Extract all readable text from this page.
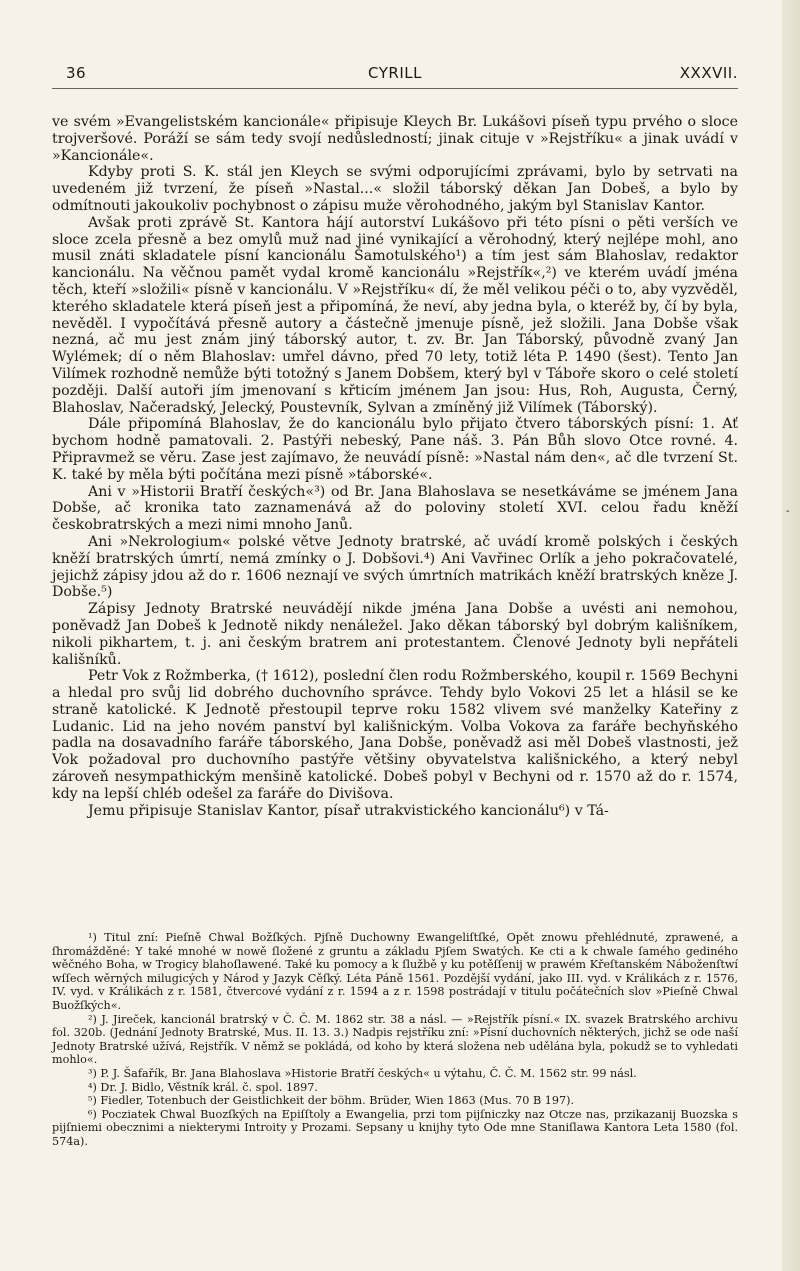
36	CYRILL	XXXVII.

ve svém »Evangelistském kancionále« připisuje Kleych Br. Lukášovi píseň typu prvého o sloce trojveršové. Poráží se sám tedy svojí nedůsledností; jinak cituje v »Rejstříku« a jinak uvádí v »Kancionále«.

Kdyby proti S. K. stál jen Kleych se svými odporujícími zprávami, bylo by setrvati na uvedeném již tvrzení, že píseň »Nastal...« složil táborský děkan Jan Dobeš, a bylo by odmítnouti jakoukoliv pochybnost o zápisu muže věrohodného, jakým byl Stanislav Kantor.

Avšak proti zprávě St. Kantora hájí autorství Lukášovo při této písni o pěti verších ve sloce zcela přesně a bez omylů muž nad jiné vynikající a věrohodný, který nejlépe mohl, ano musil znáti skladatele písní kancionálu Šamotulského¹) a tím jest sám Blahoslav, redaktor kancionálu. Na věčnou pamět vydal kromě kancionálu »Rejstřík«,²) ve kterém uvádí jména těch, kteří »složili« písně v kancionálu. V »Rejstříku« dí, že měl velikou péči o to, aby vyzvěděl, kterého skladatele která píseň jest a připomíná, že neví, aby jedna byla, o kteréž by, čí by byla, nevěděl. I vypočítává přesně autory a částečně jmenuje písně, jež složili. Jana Dobše však nezná, ač mu jest znám jiný táborský autor, t. zv. Br. Jan Táborský, původně zvaný Jan Wylémek; dí o něm Blahoslav: umřel dávno, před 70 lety, totiž léta P. 1490 (šest). Tento Jan Vilímek rozhodně nemůže býti totožný s Janem Dobšem, který byl v Táboře skoro o celé století později. Další autoři jím jmenovaní s křticím jménem Jan jsou: Hus, Roh, Augusta, Černý, Blahoslav, Načeradský, Jelecký, Poustevník, Sylvan a zmíněný již Vilímek (Táborský).

Dále připomíná Blahoslav, že do kancionálu bylo přijato čtvero táborských písní: 1. Ať bychom hodně pamatovali. 2. Pastýři nebeský, Pane náš. 3. Pán Bůh slovo Otce rovné. 4. Připravmež se věru. Zase jest zajímavo, že neuvádí písně: »Nastal nám den«, ač dle tvrzení St. K. také by měla býti počítána mezi písně »táborské«.

Ani v »Historii Bratří českých«³) od Br. Jana Blahoslava se nesetkáváme se jménem Jana Dobše, ač kronika tato zaznamenává až do poloviny století XVI. celou řadu kněží českobratrských a mezi nimi mnoho Janů.

Ani »Nekrologium« polské větve Jednoty bratrské, ač uvádí kromě polských i českých kněží bratrských úmrtí, nemá zmínky o J. Dobšovi.⁴) Ani Vavřinec Orlík a jeho pokračovatelé, jejichž zápisy jdou až do r. 1606 neznají ve svých úmrtních matrikách kněží bratrských kněze J. Dobše.⁵)

Zápisy Jednoty Bratrské neuvádějí nikde jména Jana Dobše a uvésti ani nemohou, poněvadž Jan Dobeš k Jednotě nikdy nenáležel. Jako děkan táborský byl dobrým kališníkem, nikoli pikhartem, t. j. ani českým bratrem ani protestantem. Členové Jednoty byli nepřáteli kališníků.

Petr Vok z Rožmberka, († 1612), poslední člen rodu Rožmberského, koupil r. 1569 Bechyni a hledal pro svůj lid dobrého duchovního správce. Tehdy bylo Vokovi 25 let a hlásil se ke straně katolické. K Jednotě přestoupil teprve roku 1582 vlivem své manželky Kateřiny z Ludanic. Lid na jeho novém panství byl kališnickým. Volba Vokova za faráře bechyňského padla na dosavadního faráře táborského, Jana Dobše, poněvadž asi měl Dobeš vlastnosti, jež Vok požadoval pro duchovního pastýře většiny obyvatelstva kališnického, a který nebyl zároveň nesympathickým menšině katolické. Dobeš pobyl v Bechyni od r. 1570 až do r. 1574, kdy na lepší chléb odešel za faráře do Divišova.

Jemu připisuje Stanislav Kantor, písař utrakvistického kancionálu⁶) v Tá-

¹) Titul zní: Pieſně Chwal Božſkých. Pjſně Duchowny Ewangeliſtſké, Opět znowu přehlédnuté, zprawené, a ſhromážděné: Y také mnohé w nowě ſložené z gruntu a základu Pjſem Swatých. Ke cti a k chwale ſamého gediného wěčného Boha, w Trogicy blahoſlawené. Také ku pomocy a k ſlužbě y ku potěſſenij w prawém Křeſtanském Náboženſtwí wſſech wěrných milugicých y Národ y Jazyk Cěſký. Léta Páně 1561. Pozdější vydání, jako III. vyd. v Králikách z r. 1576, IV. vyd. v Králikách z r. 1581, čtvercové vydání z r. 1594 a z r. 1598 postrádají v titulu počátečních slov »Pieſně Chwal Buožſkých«.

²) J. Jireček, kancionál bratrský v Č. Č. M. 1862 str. 38 a násl. — »Rejstřík písní.« IX. svazek Bratrského archivu fol. 320b. (Jednání Jednoty Bratrské, Mus. II. 13. 3.) Nadpis rejstříku zní: »Písní duchovních některých, jichž se ode naší Jednoty Bratrské užívá, Rejstřík. V němž se pokládá, od koho by která složena neb udělána byla, pokudž se to vyhledati mohlo«.

³) P. J. Šafařík, Br. Jana Blahoslava »Historie Bratří českých« u výtahu, Č. Č. M. 1562 str. 99 násl.

⁴) Dr. J. Bidlo, Věstník král. č. spol. 1897.

⁵) Fiedler, Totenbuch der Geistlichkeit der böhm. Brüder, Wien 1863 (Mus. 70 B 197).

⁶) Pocziatek Chwal Buozſkých na Epiſſtoly a Ewangelia, przi tom pijſniczky naz Otcze nas, przikazanij Buozska s pijſniemi obecznimi a niekterymi Introity y Prozami. Sepsany u knijhy tyto Ode mne Staniſlawa Kantora Leta 1580 (fol. 574a).

-
